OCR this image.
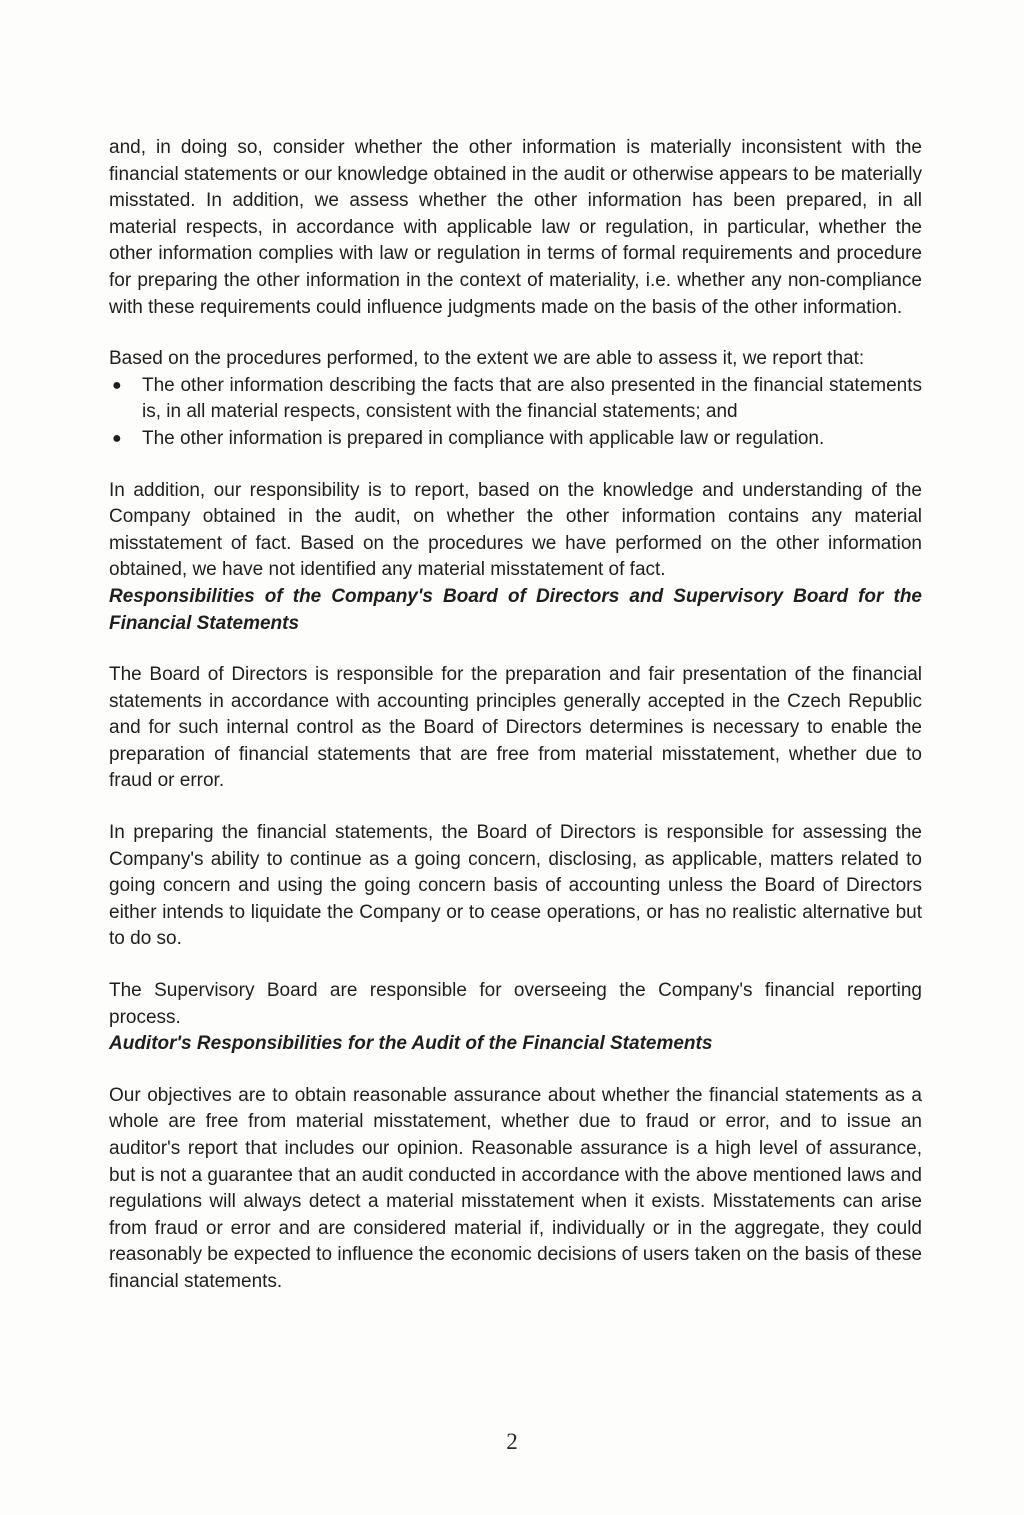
and, in doing so, consider whether the other information is materially inconsistent with the financial statements or our knowledge obtained in the audit or otherwise appears to be materially misstated. In addition, we assess whether the other information has been prepared, in all material respects, in accordance with applicable law or regulation, in particular, whether the other information complies with law or regulation in terms of formal requirements and procedure for preparing the other information in the context of materiality, i.e. whether any non-compliance with these requirements could influence judgments made on the basis of the other information.

Based on the procedures performed, to the extent we are able to assess it, we report that:

● The other information describing the facts that are also presented in the financial statements is, in all material respects, consistent with the financial statements; and
● The other information is prepared in compliance with applicable law or regulation.

In addition, our responsibility is to report, based on the knowledge and understanding of the Company obtained in the audit, on whether the other information contains any material misstatement of fact. Based on the procedures we have performed on the other information obtained, we have not identified any material misstatement of fact.

Responsibilities of the Company's Board of Directors and Supervisory Board for the Financial Statements

The Board of Directors is responsible for the preparation and fair presentation of the financial statements in accordance with accounting principles generally accepted in the Czech Republic and for such internal control as the Board of Directors determines is necessary to enable the preparation of financial statements that are free from material misstatement, whether due to fraud or error.

In preparing the financial statements, the Board of Directors is responsible for assessing the Company's ability to continue as a going concern, disclosing, as applicable, matters related to going concern and using the going concern basis of accounting unless the Board of Directors either intends to liquidate the Company or to cease operations, or has no realistic alternative but to do so.

The Supervisory Board are responsible for overseeing the Company's financial reporting process.

Auditor's Responsibilities for the Audit of the Financial Statements

Our objectives are to obtain reasonable assurance about whether the financial statements as a whole are free from material misstatement, whether due to fraud or error, and to issue an auditor's report that includes our opinion. Reasonable assurance is a high level of assurance, but is not a guarantee that an audit conducted in accordance with the above mentioned laws and regulations will always detect a material misstatement when it exists. Misstatements can arise from fraud or error and are considered material if, individually or in the aggregate, they could reasonably be expected to influence the economic decisions of users taken on the basis of these financial statements.

2
